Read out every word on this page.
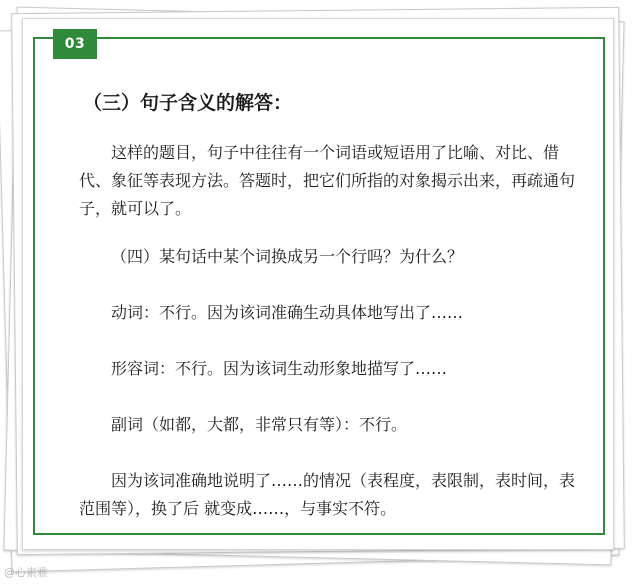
03
（三）句子含义的解答：
这样的题目，句子中往往有一个词语或短语用了比喻、对比、借代、象征等表现方法。答题时，把它们所指的对象揭示出来，再疏通句子，就可以了。
（四）某句话中某个词换成另一个行吗？为什么？
动词：不行。因为该词准确生动具体地写出了……
形容词：不行。因为该词生动形象地描写了……
副词（如都，大都，非常只有等）：不行。
因为该词准确地说明了……的情况（表程度，表限制，表时间，表范围等），换了后 就变成……，与事实不符。
@心素雅
